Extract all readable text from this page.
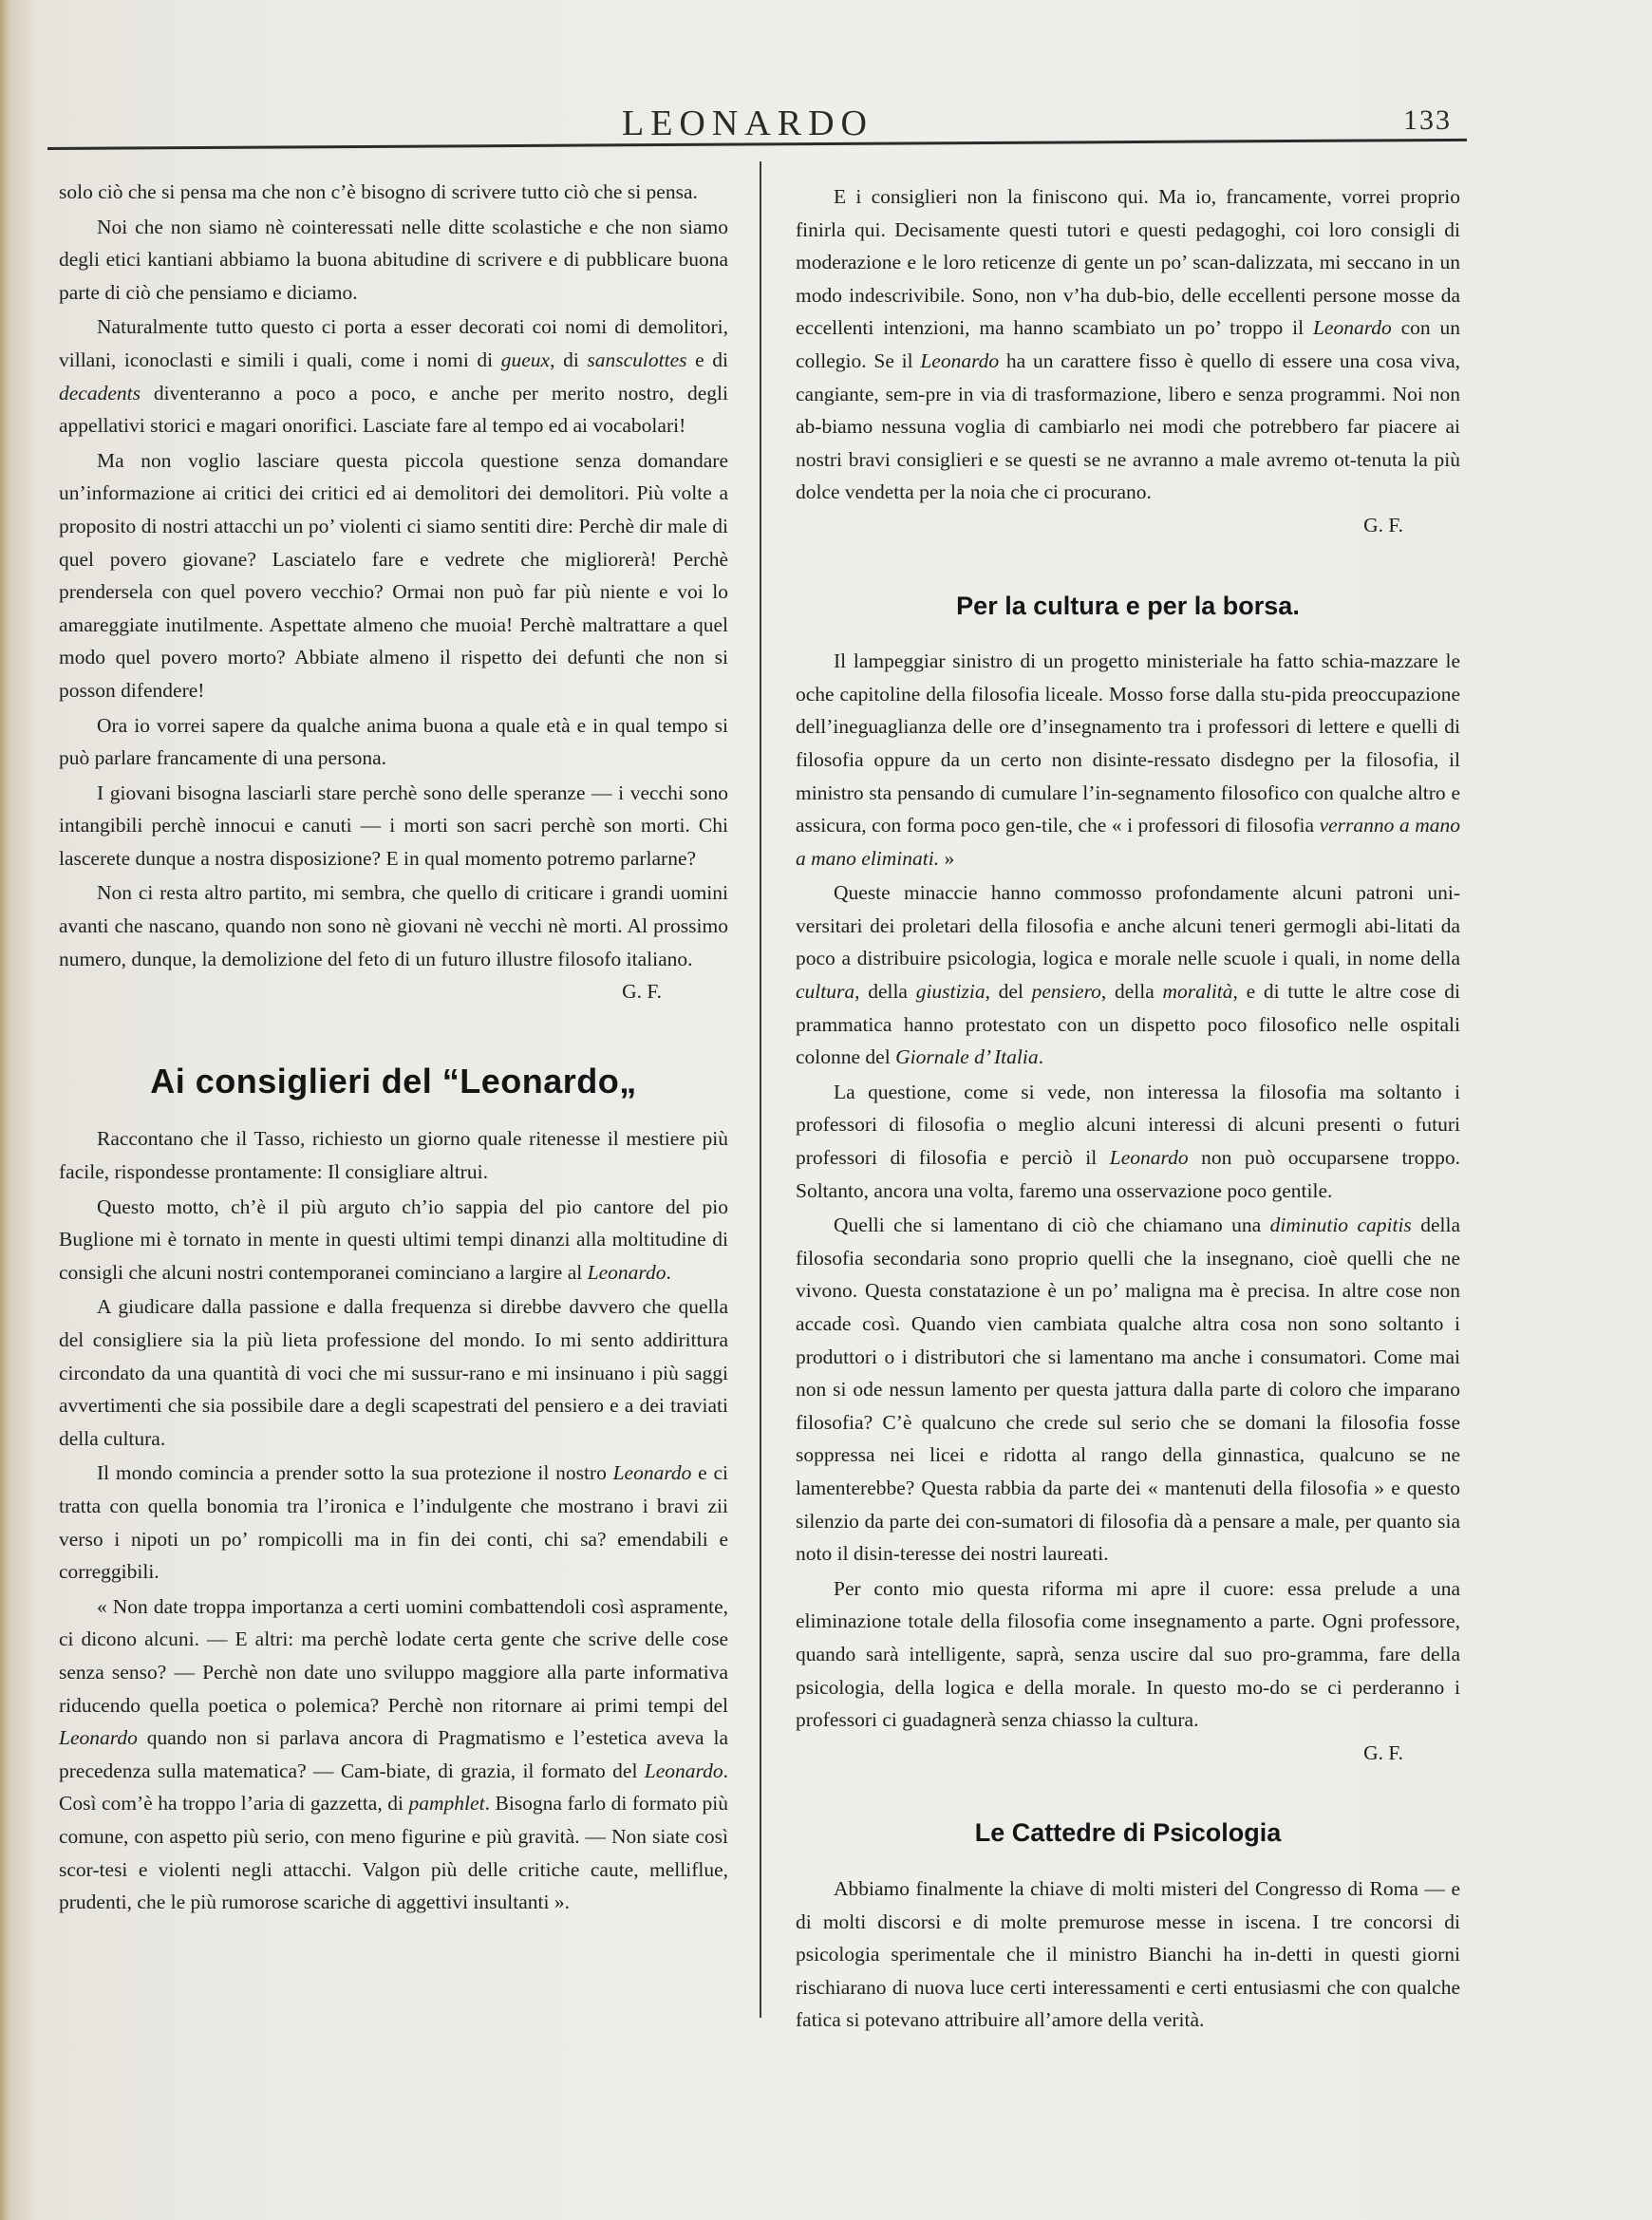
LEONARDO	133

solo ciò che si pensa ma che non c’è bisogno di scrivere tutto ciò che si pensa.

Noi che non siamo nè cointeressati nelle ditte scolastiche e che non siamo degli etici kantiani abbiamo la buona abitudine di scrivere e di pubblicare buona parte di ciò che pensiamo e diciamo.

Naturalmente tutto questo ci porta a esser decorati coi nomi di demolitori, villani, iconoclasti e simili i quali, come i nomi di gueux, di sansculottes e di decadents diventeranno a poco a poco, e anche per merito nostro, degli appellativi storici e magari onorifici. Lasciate fare al tempo ed ai vocabolari!

Ma non voglio lasciare questa piccola questione senza domandare un’informazione ai critici dei critici ed ai demolitori dei demolitori. Più volte a proposito di nostri attacchi un po’ violenti ci siamo sentiti dire: Perchè dir male di quel povero giovane? Lasciatelo fare e vedrete che migliorerà! Perchè prendersela con quel povero vecchio? Ormai non può far più niente e voi lo amareggiate inutilmente. Aspettate almeno che muoia! Perchè maltrattare a quel modo quel povero morto? Abbiate almeno il rispetto dei defunti che non si posson difendere!

Ora io vorrei sapere da qualche anima buona a quale età e in qual tempo si può parlare francamente di una persona.

I giovani bisogna lasciarli stare perchè sono delle speranze — i vecchi sono intangibili perchè innocui e canuti — i morti son sacri perchè son morti. Chi lascerete dunque a nostra disposizione? E in qual momento potremo parlarne?

Non ci resta altro partito, mi sembra, che quello di criticare i grandi uomini avanti che nascano, quando non sono nè giovani nè vecchi nè morti. Al prossimo numero, dunque, la demolizione del feto di un futuro illustre filosofo italiano.

G. F.

Ai consiglieri del “Leonardo„

Raccontano che il Tasso, richiesto un giorno quale ritenesse il mestiere più facile, rispondesse prontamente: Il consigliare altrui.

Questo motto, ch’è il più arguto ch’io sappia del pio cantore del pio Buglione mi è tornato in mente in questi ultimi tempi dinanzi alla moltitudine di consigli che alcuni nostri contemporanei cominciano a largire al Leonardo.

A giudicare dalla passione e dalla frequenza si direbbe davvero che quella del consigliere sia la più lieta professione del mondo. Io mi sento addirittura circondato da una quantità di voci che mi sussur-rano e mi insinuano i più saggi avvertimenti che sia possibile dare a degli scapestrati del pensiero e a dei traviati della cultura.

Il mondo comincia a prender sotto la sua protezione il nostro Leonardo e ci tratta con quella bonomia tra l’ironica e l’indulgente che mostrano i bravi zii verso i nipoti un po’ rompicolli ma in fin dei conti, chi sa? emendabili e correggibili.

« Non date troppa importanza a certi uomini combattendoli così aspramente, ci dicono alcuni. — E altri: ma perchè lodate certa gente che scrive delle cose senza senso? — Perchè non date uno sviluppo maggiore alla parte informativa riducendo quella poetica o polemica? Perchè non ritornare ai primi tempi del Leonardo quando non si parlava ancora di Pragmatismo e l’estetica aveva la precedenza sulla matematica? — Cam-biate, di grazia, il formato del Leonardo. Così com’è ha troppo l’aria di gazzetta, di pamphlet. Bisogna farlo di formato più comune, con aspetto più serio, con meno figurine e più gravità. — Non siate così scor-tesi e violenti negli attacchi. Valgon più delle critiche caute, melliflue, prudenti, che le più rumorose scariche di aggettivi insultanti ».

E i consiglieri non la finiscono qui. Ma io, francamente, vorrei proprio finirla qui. Decisamente questi tutori e questi pedagoghi, coi loro consigli di moderazione e le loro reticenze di gente un po’ scan-dalizzata, mi seccano in un modo indescrivibile. Sono, non v’ha dub-bio, delle eccellenti persone mosse da eccellenti intenzioni, ma hanno scambiato un po’ troppo il Leonardo con un collegio. Se il Leonardo ha un carattere fisso è quello di essere una cosa viva, cangiante, sem-pre in via di trasformazione, libero e senza programmi. Noi non ab-biamo nessuna voglia di cambiarlo nei modi che potrebbero far piacere ai nostri bravi consiglieri e se questi se ne avranno a male avremo ot-tenuta la più dolce vendetta per la noia che ci procurano.

G. F.

Per la cultura e per la borsa.

Il lampeggiar sinistro di un progetto ministeriale ha fatto schia-mazzare le oche capitoline della filosofia liceale. Mosso forse dalla stu-pida preoccupazione dell’ineguaglianza delle ore d’insegnamento tra i professori di lettere e quelli di filosofia oppure da un certo non disinte-ressato disdegno per la filosofia, il ministro sta pensando di cumulare l’in-segnamento filosofico con qualche altro e assicura, con forma poco gen-tile, che « i professori di filosofia verranno a mano a mano eliminati. »

Queste minaccie hanno commosso profondamente alcuni patroni uni-versitari dei proletari della filosofia e anche alcuni teneri germogli abi-litati da poco a distribuire psicologia, logica e morale nelle scuole i quali, in nome della cultura, della giustizia, del pensiero, della moralità, e di tutte le altre cose di prammatica hanno protestato con un dispetto poco filosofico nelle ospitali colonne del Giornale d’ Italia.

La questione, come si vede, non interessa la filosofia ma soltanto i professori di filosofia o meglio alcuni interessi di alcuni presenti o futuri professori di filosofia e perciò il Leonardo non può occuparsene troppo. Soltanto, ancora una volta, faremo una osservazione poco gentile.

Quelli che si lamentano di ciò che chiamano una diminutio capitis della filosofia secondaria sono proprio quelli che la insegnano, cioè quelli che ne vivono. Questa constatazione è un po’ maligna ma è precisa. In altre cose non accade così. Quando vien cambiata qualche altra cosa non sono soltanto i produttori o i distributori che si lamentano ma anche i consumatori. Come mai non si ode nessun lamento per questa jattura dalla parte di coloro che imparano filosofia? C’è qualcuno che crede sul serio che se domani la filosofia fosse soppressa nei licei e ridotta al rango della ginnastica, qualcuno se ne lamenterebbe? Questa rabbia da parte dei « mantenuti della filosofia » e questo silenzio da parte dei con-sumatori di filosofia dà a pensare a male, per quanto sia noto il disin-teresse dei nostri laureati.

Per conto mio questa riforma mi apre il cuore: essa prelude a una eliminazione totale della filosofia come insegnamento a parte. Ogni professore, quando sarà intelligente, saprà, senza uscire dal suo pro-gramma, fare della psicologia, della logica e della morale. In questo mo-do se ci perderanno i professori ci guadagnerà senza chiasso la cultura.

G. F.

Le Cattedre di Psicologia

Abbiamo finalmente la chiave di molti misteri del Congresso di Roma — e di molti discorsi e di molte premurose messe in iscena. I tre concorsi di psicologia sperimentale che il ministro Bianchi ha in-detti in questi giorni rischiarano di nuova luce certi interessamenti e certi entusiasmi che con qualche fatica si potevano attribuire all’amore della verità.
